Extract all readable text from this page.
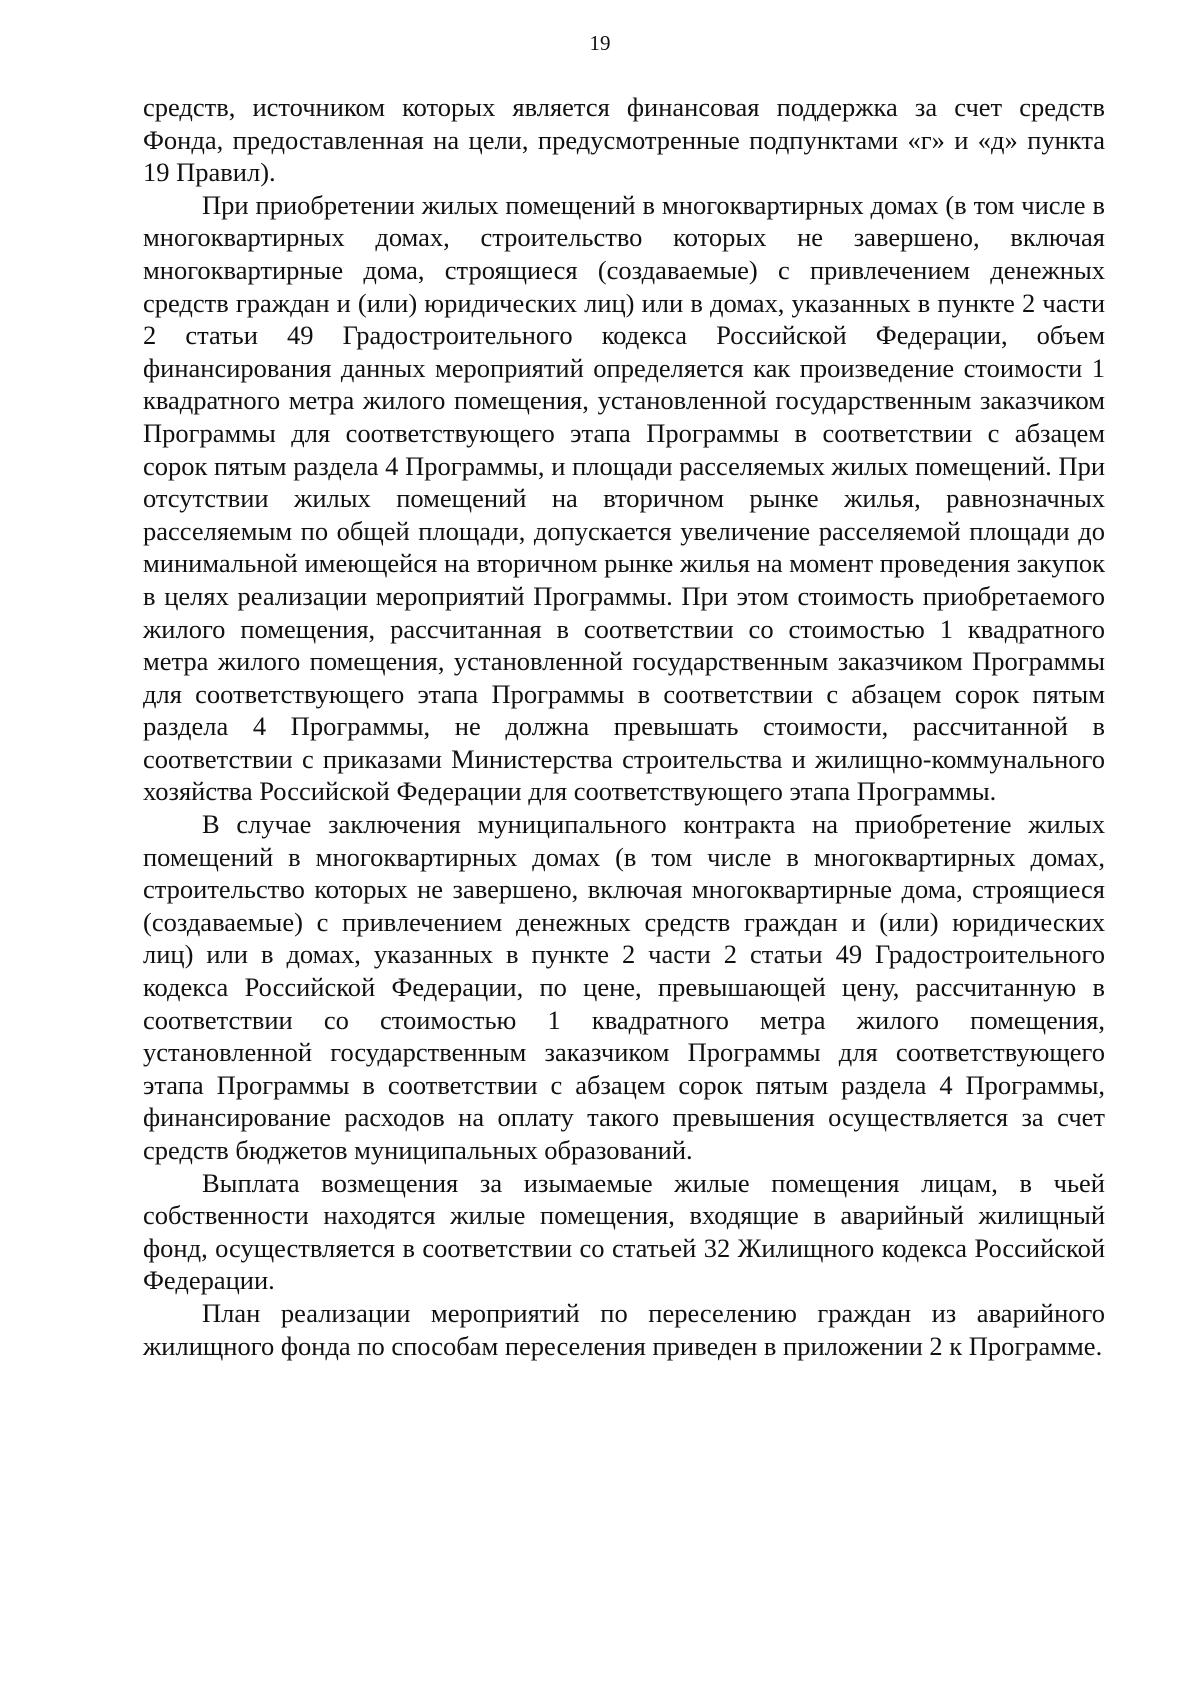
19

средств, источником которых является финансовая поддержка за счет средств Фонда, предоставленная на цели, предусмотренные подпунктами «г» и «д» пункта 19 Правил).

При приобретении жилых помещений в многоквартирных домах (в том числе в многоквартирных домах, строительство которых не завершено, включая многоквартирные дома, строящиеся (создаваемые) с привлечением денежных средств граждан и (или) юридических лиц) или в домах, указанных в пункте 2 части 2 статьи 49 Градостроительного кодекса Российской Федерации, объем финансирования данных мероприятий определяется как произведение стоимости 1 квадратного метра жилого помещения, установленной государственным заказчиком Программы для соответствующего этапа Программы в соответствии с абзацем сорок пятым раздела 4 Программы, и площади расселяемых жилых помещений. При отсутствии жилых помещений на вторичном рынке жилья, равнозначных расселяемым по общей площади, допускается увеличение расселяемой площади до минимальной имеющейся на вторичном рынке жилья на момент проведения закупок в целях реализации мероприятий Программы. При этом стоимость приобретаемого жилого помещения, рассчитанная в соответствии со стоимостью 1 квадратного метра жилого помещения, установленной государственным заказчиком Программы для соответствующего этапа Программы в соответствии с абзацем сорок пятым раздела 4 Программы, не должна превышать стоимости, рассчитанной в соответствии с приказами Министерства строительства и жилищно-коммунального хозяйства Российской Федерации для соответствующего этапа Программы.

В случае заключения муниципального контракта на приобретение жилых помещений в многоквартирных домах (в том числе в многоквартирных домах, строительство которых не завершено, включая многоквартирные дома, строящиеся (создаваемые) с привлечением денежных средств граждан и (или) юридических лиц) или в домах, указанных в пункте 2 части 2 статьи 49 Градостроительного кодекса Российской Федерации, по цене, превышающей цену, рассчитанную в соответствии со стоимостью 1 квадратного метра жилого помещения, установленной государственным заказчиком Программы для соответствующего этапа Программы в соответствии с абзацем сорок пятым раздела 4 Программы, финансирование расходов на оплату такого превышения осуществляется за счет средств бюджетов муниципальных образований.

Выплата возмещения за изымаемые жилые помещения лицам, в чьей собственности находятся жилые помещения, входящие в аварийный жилищный фонд, осуществляется в соответствии со статьей 32 Жилищного кодекса Российской Федерации.

План реализации мероприятий по переселению граждан из аварийного жилищного фонда по способам переселения приведен в приложении 2 к Программе.
